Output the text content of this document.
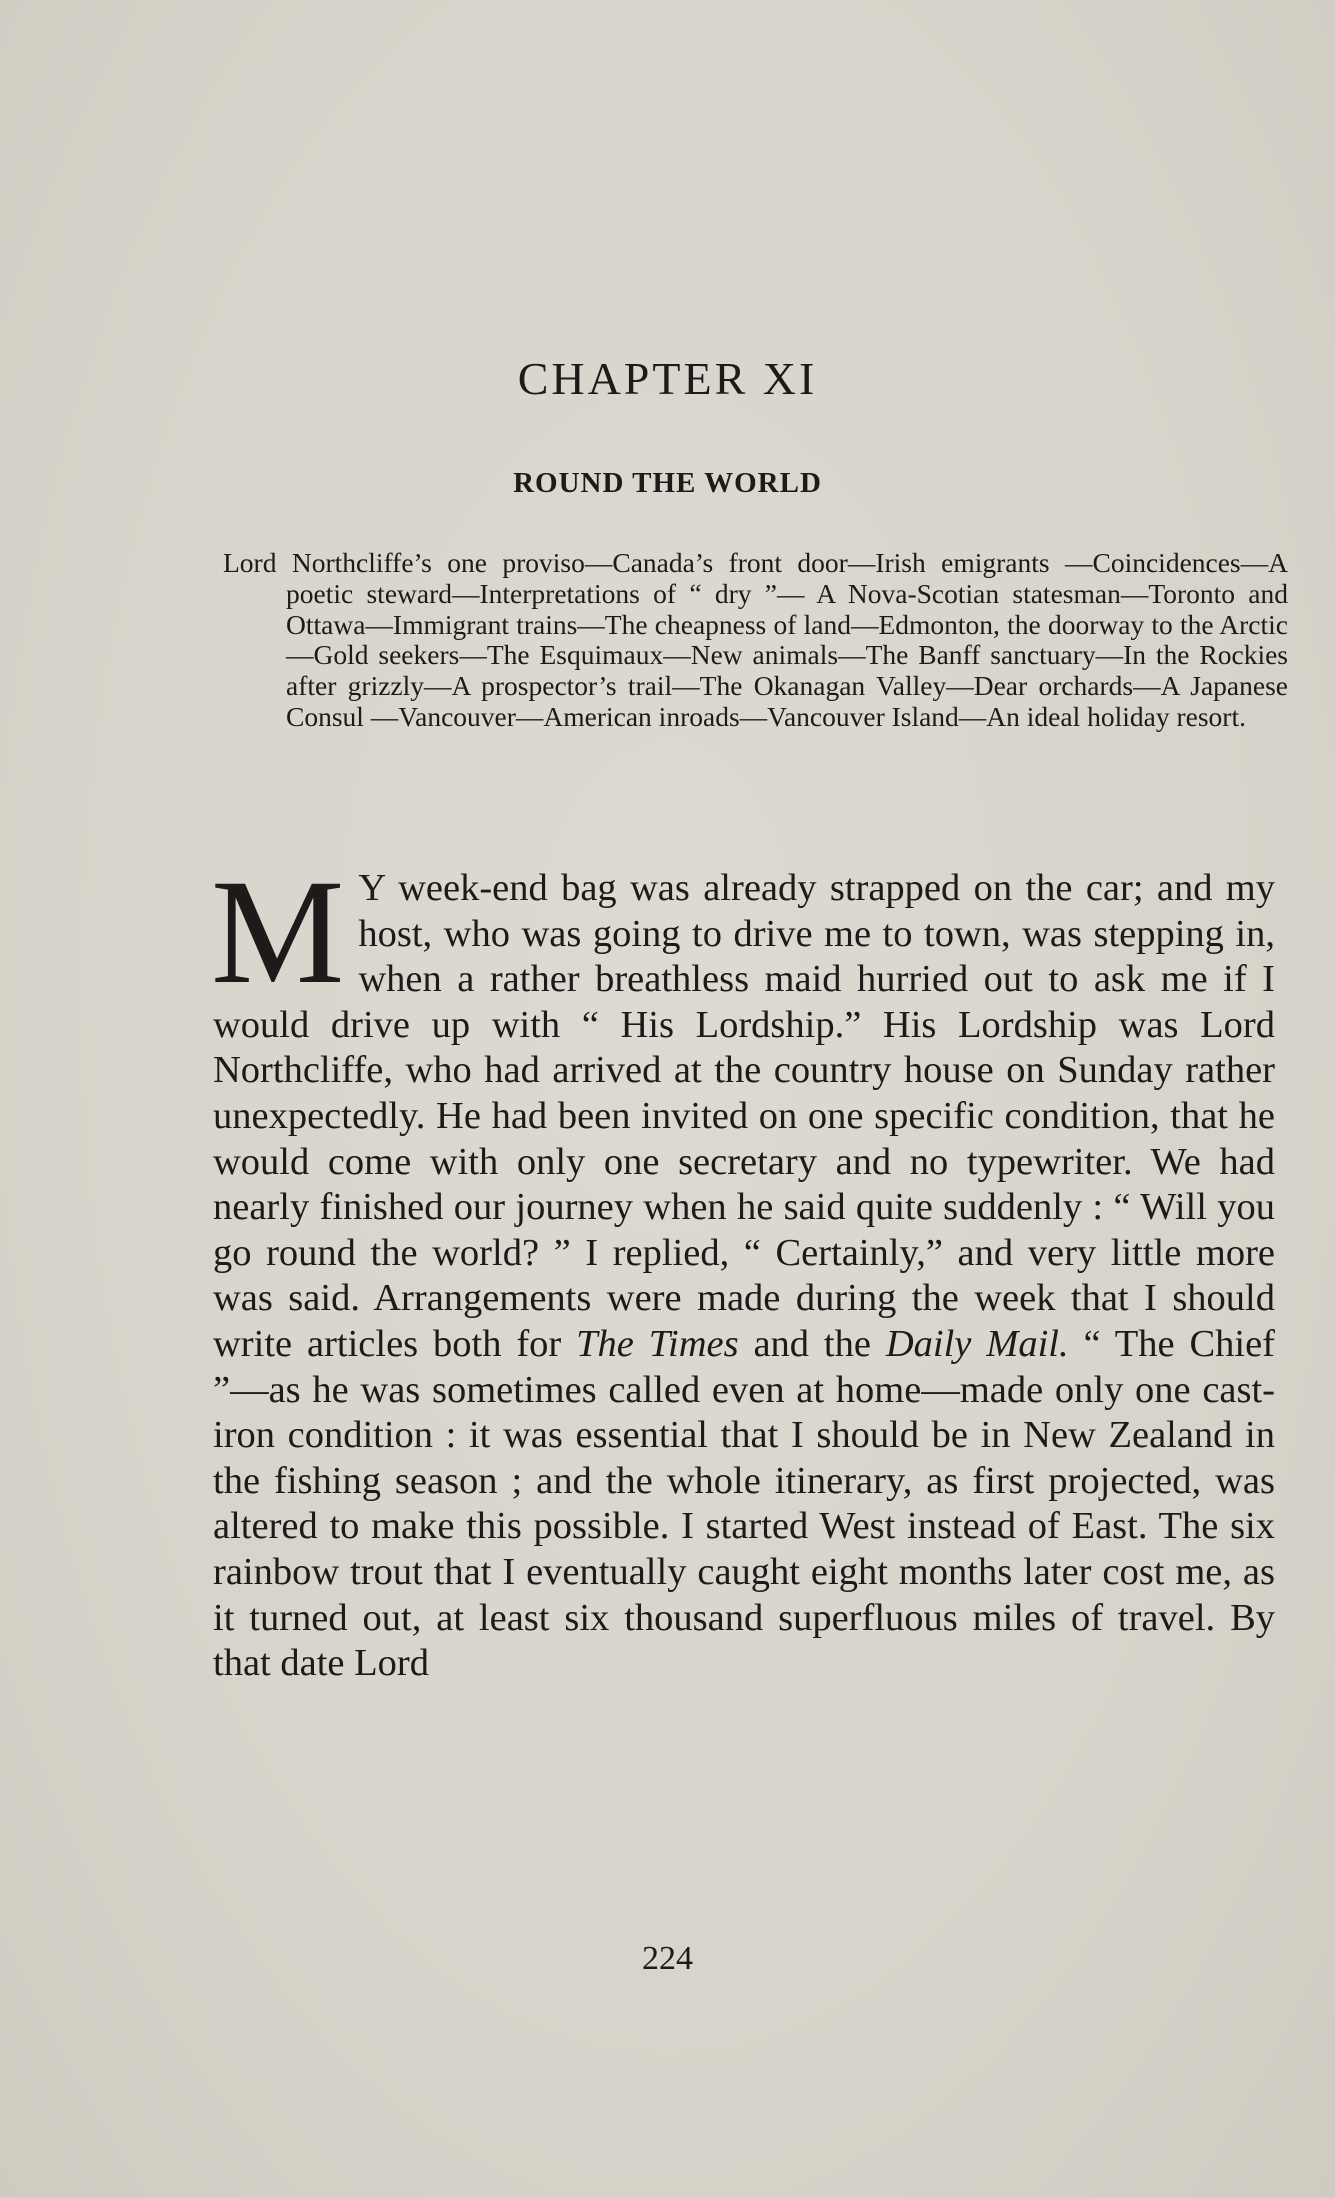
CHAPTER XI
ROUND THE WORLD
Lord Northcliffe’s one proviso—Canada’s front door—Irish emigrants —Coincidences—A poetic steward—Interpretations of “ dry ”— A Nova-Scotian statesman—Toronto and Ottawa—Immigrant trains—The cheapness of land—Edmonton, the doorway to the Arctic—Gold seekers—The Esquimaux—New animals—The Banff sanctuary—In the Rockies after grizzly—A prospector’s trail—The Okanagan Valley—Dear orchards—A Japanese Consul —Vancouver—American inroads—Vancouver Island—An ideal holiday resort.
M Y week-end bag was already strapped on the car; and my host, who was going to drive me to town, was stepping in, when a rather breathless maid hurried out to ask me if I would drive up with “ His Lordship.” His Lordship was Lord Northcliffe, who had arrived at the country house on Sunday rather unexpectedly. He had been invited on one specific condition, that he would come with only one secretary and no typewriter. We had nearly finished our journey when he said quite suddenly : “ Will you go round the world? ” I replied, “ Certainly,” and very little more was said. Arrangements were made during the week that I should write articles both for The Times and the Daily Mail. “ The Chief ”—as he was sometimes called even at home—made only one cast-iron condition : it was essential that I should be in New Zealand in the fishing season ; and the whole itinerary, as first projected, was altered to make this possible. I started West instead of East. The six rainbow trout that I eventually caught eight months later cost me, as it turned out, at least six thousand superfluous miles of travel. By that date Lord
224
